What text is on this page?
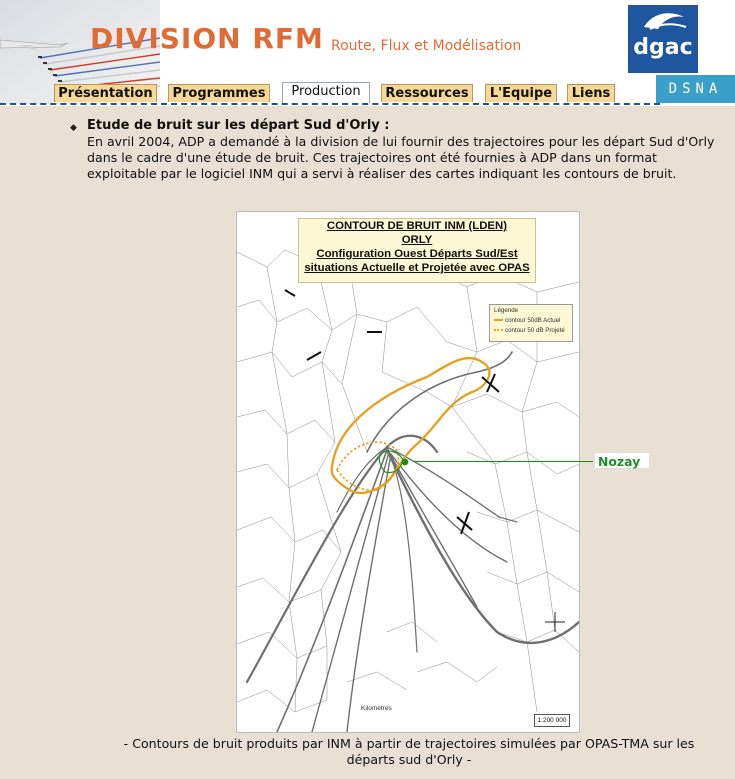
DIVISION RFM Route, Flux et Modélisation	dgac
DSNA
Présentation	Programmes	Production	Ressources	L'Equipe	Liens
◆ Etude de bruit sur les départ Sud d'Orly :
En avril 2004, ADP a demandé à la division de lui fournir des trajectoires pour les départ Sud d'Orly dans le cadre d'une étude de bruit. Ces trajectoires ont été fournies à ADP dans un format exploitable par le logiciel INM qui a servi à réaliser des cartes indiquant les contours de bruit.
CONTOUR DE BRUIT INM (LDEN)
ORLY
Configuration Ouest Départs Sud/Est
situations Actuelle et Projetée avec OPAS
Légende
contour 50dB Actuel
contour 50 dB Projeté
Kilomètres
1:200 000
Nozay
- Contours de bruit produits par INM à partir de trajectoires simulées par OPAS-TMA sur les départs sud d'Orly -
